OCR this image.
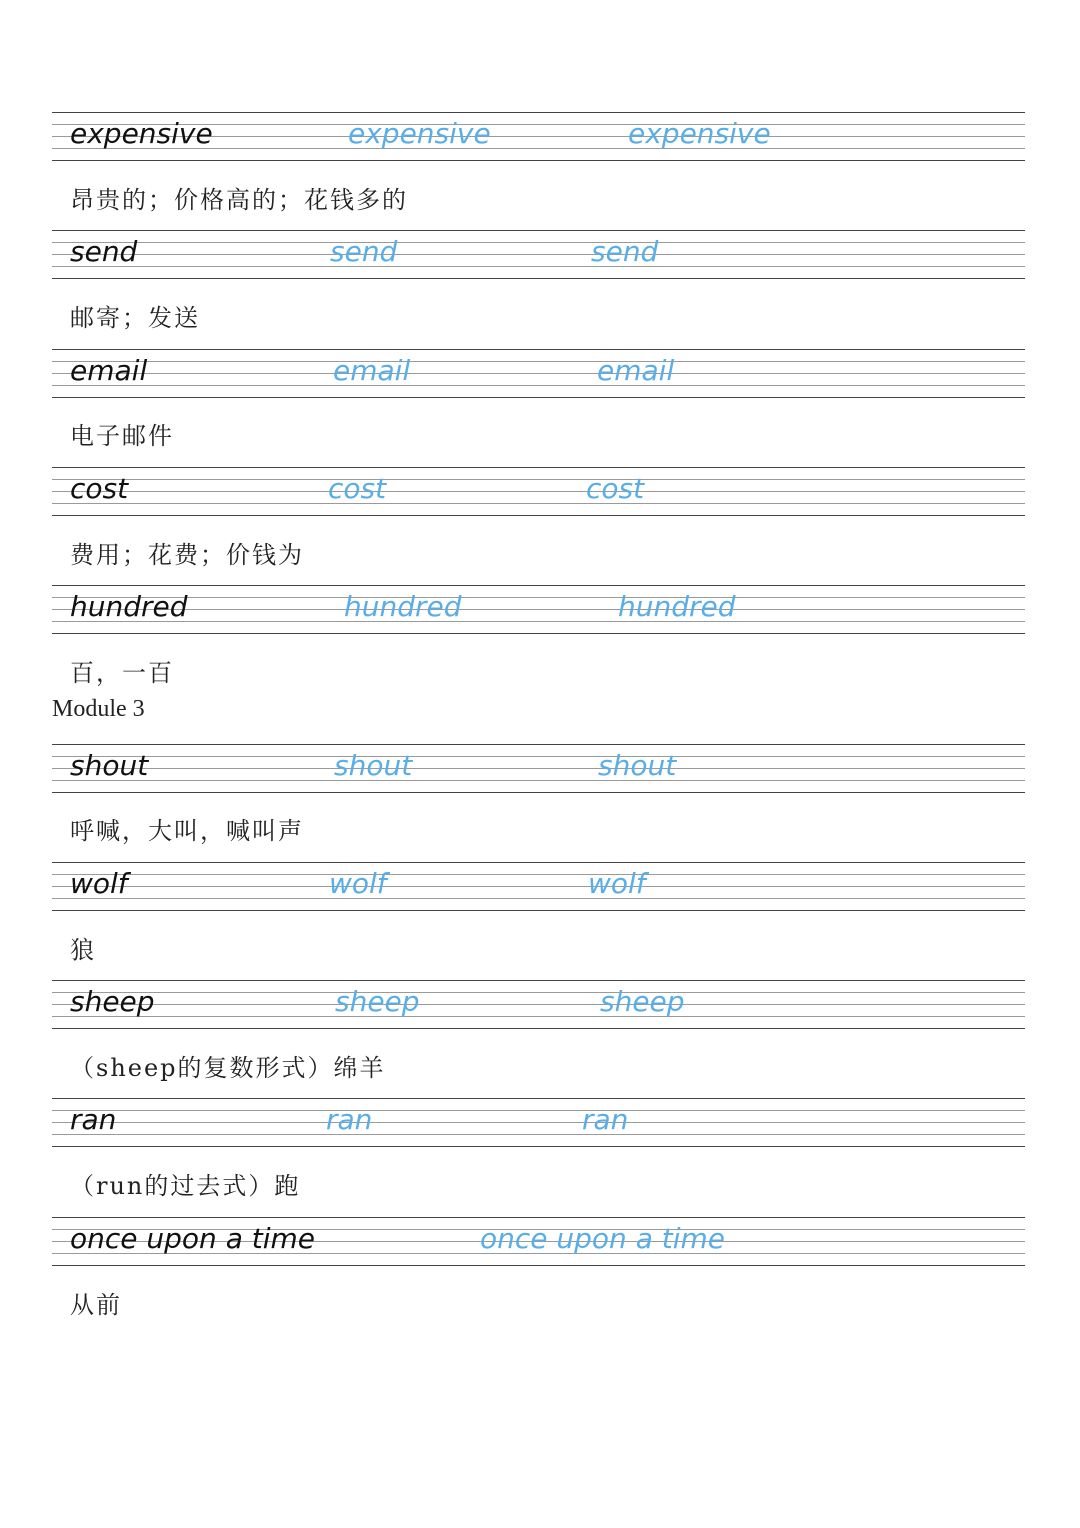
expensive	expensive	expensive
昂贵的；价格高的；花钱多的
send	send	send
邮寄；发送
email	email	email
电子邮件
cost	cost	cost
费用；花费；价钱为
hundred	hundred	hundred
百，一百
Module 3
shout	shout	shout
呼喊，大叫，喊叫声
wolf	wolf	wolf
狼
sheep	sheep	sheep
（sheep的复数形式）绵羊
ran	ran	ran
（run的过去式）跑
once upon a time	once upon a time
从前
